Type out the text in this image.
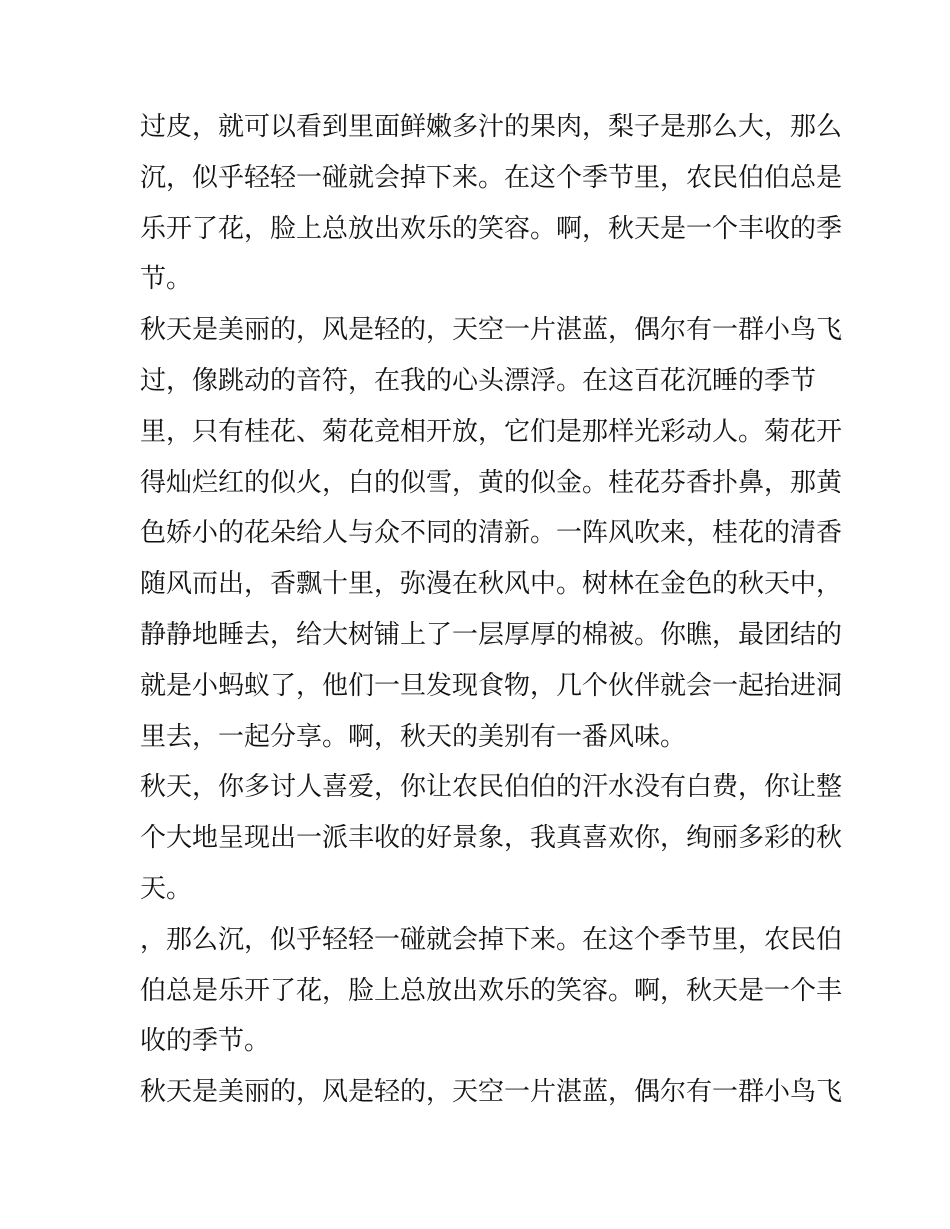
过皮，就可以看到里面鲜嫩多汁的果肉，梨子是那么大，那么
沉，似乎轻轻一碰就会掉下来。在这个季节里，农民伯伯总是
乐开了花，脸上总放出欢乐的笑容。啊，秋天是一个丰收的季
节。
秋天是美丽的，风是轻的，天空一片湛蓝，偶尔有一群小鸟飞
过，像跳动的音符，在我的心头漂浮。在这百花沉睡的季节
里，只有桂花、菊花竞相开放，它们是那样光彩动人。菊花开
得灿烂红的似火，白的似雪，黄的似金。桂花芬香扑鼻，那黄
色娇小的花朵给人与众不同的清新。一阵风吹来，桂花的清香
随风而出，香飘十里，弥漫在秋风中。树林在金色的秋天中，
静静地睡去，给大树铺上了一层厚厚的棉被。你瞧，最团结的
就是小蚂蚁了，他们一旦发现食物，几个伙伴就会一起抬进洞
里去，一起分享。啊，秋天的美别有一番风味。
秋天，你多讨人喜爱，你让农民伯伯的汗水没有白费，你让整
个大地呈现出一派丰收的好景象，我真喜欢你，绚丽多彩的秋
天。
，那么沉，似乎轻轻一碰就会掉下来。在这个季节里，农民伯
伯总是乐开了花，脸上总放出欢乐的笑容。啊，秋天是一个丰
收的季节。
秋天是美丽的，风是轻的，天空一片湛蓝，偶尔有一群小鸟飞
